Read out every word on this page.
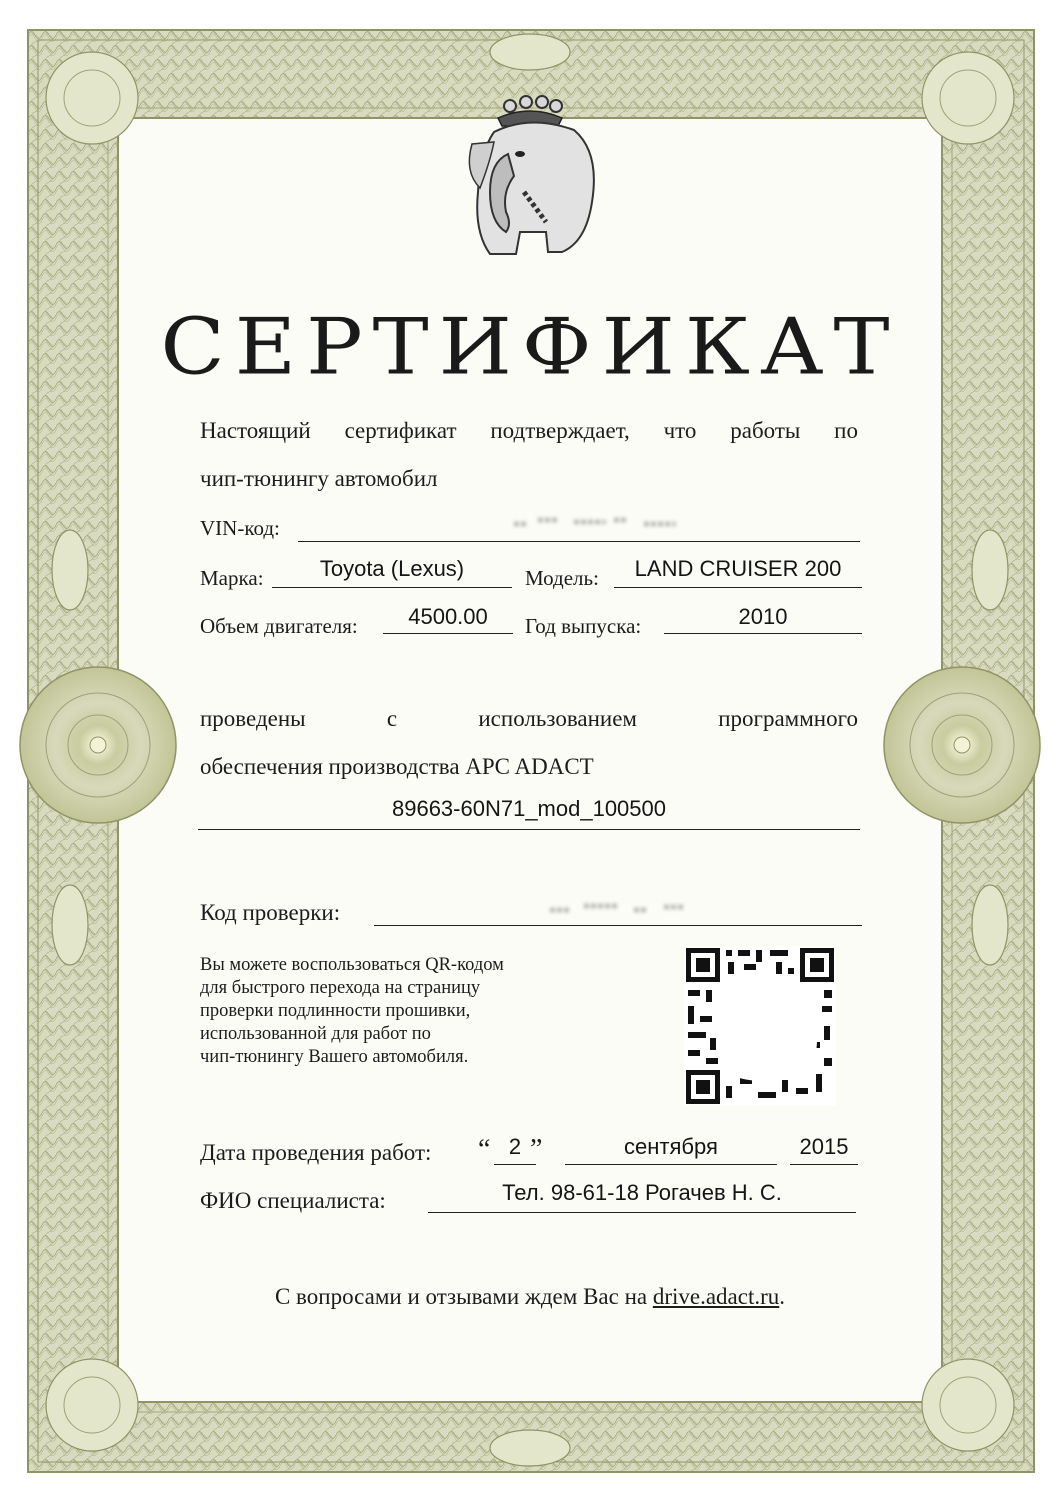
СЕРТИФИКАТ
Настоящий сертификат подтверждает, что работы по
чип-тюнингу автомобил
VIN-код:
Марка:	Toyota (Lexus)	Модель:	LAND CRUISER 200
Объем двигателя:	4500.00	Год выпуска:	2010
проведены	с	использованием	программного
обеспечения производства APC ADACT
89663-60N71_mod_100500
Код проверки:
Вы можете воспользоваться QR-кодом
для быстрого перехода на страницу
проверки подлинности прошивки,
использованной для работ по
чип-тюнингу Вашего автомобиля.
Дата проведения работ: “ 2 ”	сентября	2015
ФИО специалиста:	Тел. 98-61-18 Рогачев Н. С.
С вопросами и отзывами ждем Вас на drive.adact.ru.
